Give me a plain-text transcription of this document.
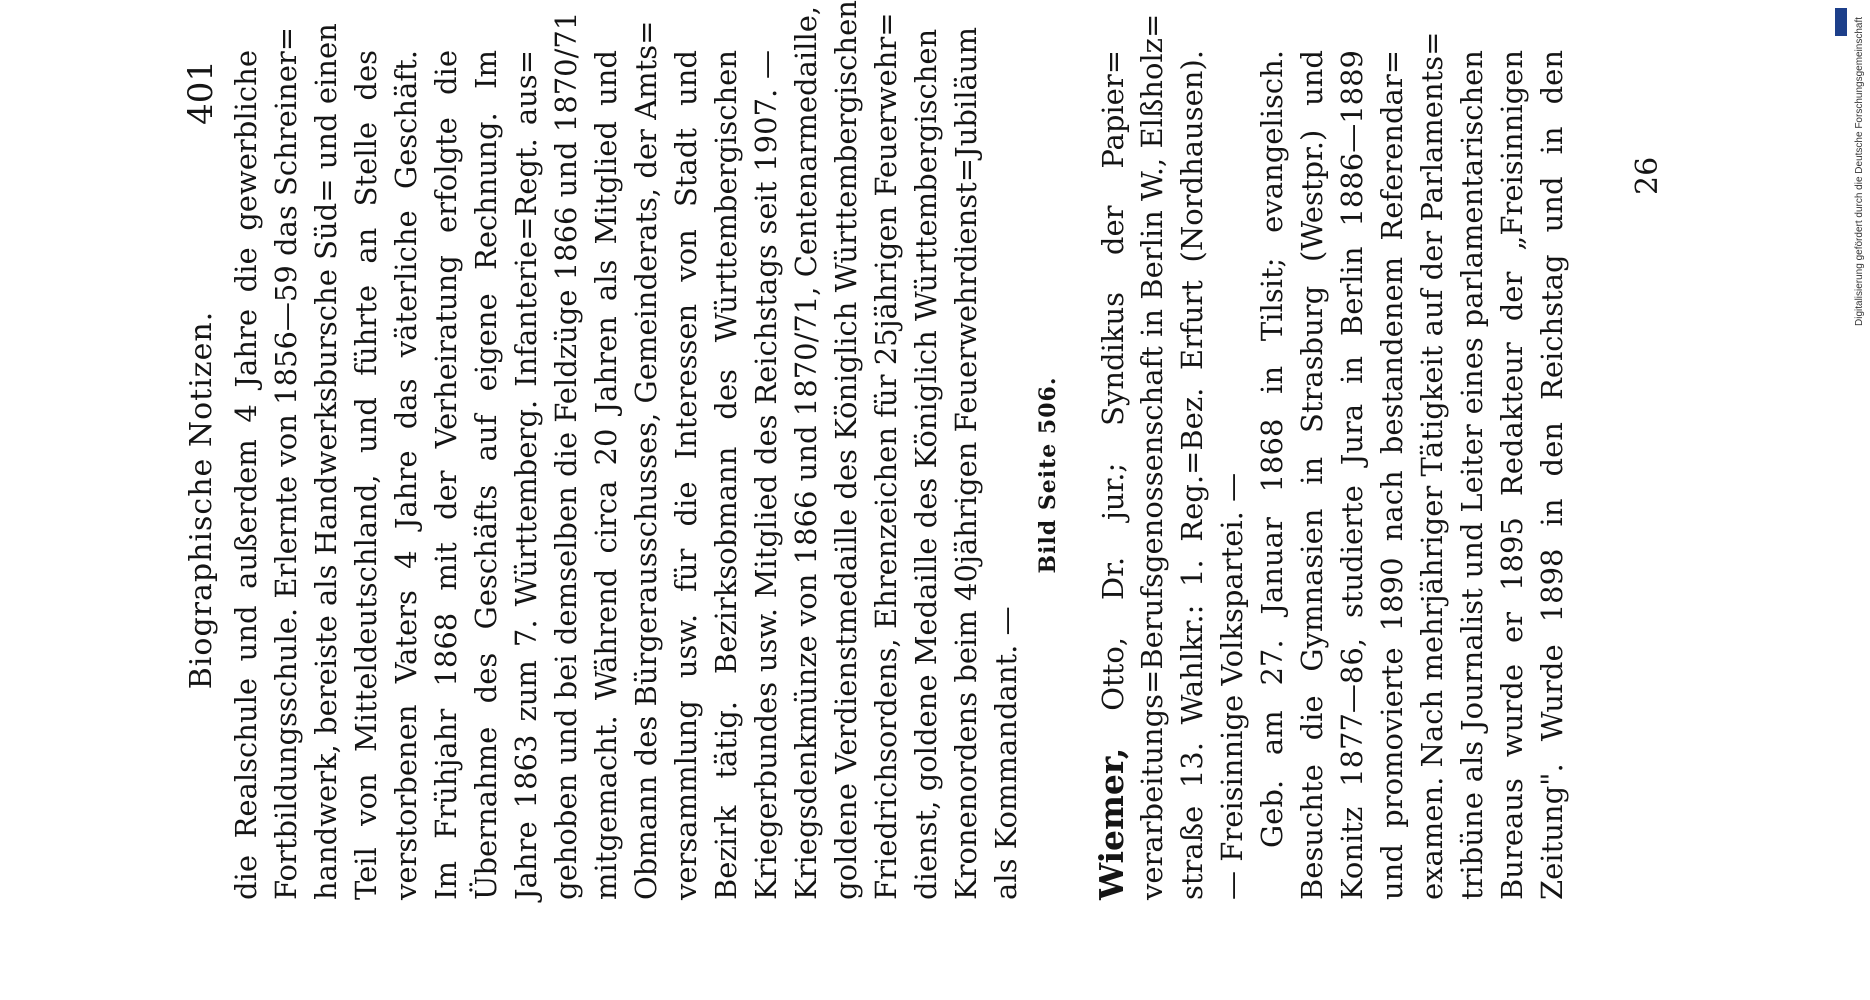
Biographische Notizen.
401 die Realschule und außerdem 4 Jahre die gewerbliche Fortbildungsschule. Erlernte von 1856—59 das Schreiner= handwerk, bereiste als Handwerksbursche Süd= und einen Teil von Mitteldeutschland, und führte an Stelle des verstorbenen Vaters 4 Jahre das väterliche Geschäft. Im Frühjahr 1868 mit der Verheiratung erfolgte die Übernahme des Geschäfts auf eigene Rechnung. Im Jahre 1863 zum 7. Württemberg. Infanterie=Regt. aus= gehoben und bei demselben die Feldzüge 1866 und 1870/71 mitgemacht. Während circa 20 Jahren als Mitglied und Obmann des Bürgerausschusses, Gemeinderats, der Amts= versammlung usw. für die Interessen von Stadt und Bezirk tätig. Bezirksobmann des Württembergischen Kriegerbundes usw. Mitglied des Reichstags seit 1907. — Kriegsdenkmünze von 1866 und 1870/71, Centenarmedaille, goldene Verdienstmedaille des Königlich Württembergischen Friedrichsordens, Ehrenzeichen für 25jährigen Feuerwehr= dienst, goldene Medaille des Königlich Württembergischen Kronenordens beim 40jährigen Feuerwehrdienst=Jubiläum als Kommandant. —
Bild Seite 506.
Wiemer, Otto, Dr. jur.; Syndikus der Papier= verarbeitungs=Berufsgenossenschaft in Berlin W., Elßholz= straße 13. Wahlkr.: 1. Reg.=Bez. Erfurt (Nordhausen). — Freisinnige Volkspartei. — Geb. am 27. Januar 1868 in Tilsit; evangelisch. Besuchte die Gymnasien in Strasburg (Westpr.) und Konitz 1877—86, studierte Jura in Berlin 1886—1889 und promovierte 1890 nach bestandenem Referendar= examen. Nach mehrjähriger Tätigkeit auf der Parlaments= tribüne als Journalist und Leiter eines parlamentarischen Bureaus wurde er 1895 Redakteur der „Freisinnigen Zeitung". Wurde 1898 in den Reichstag und in den 26	Digitalisierung gefördert durch die Deutsche Forschungsgemeinschaft
